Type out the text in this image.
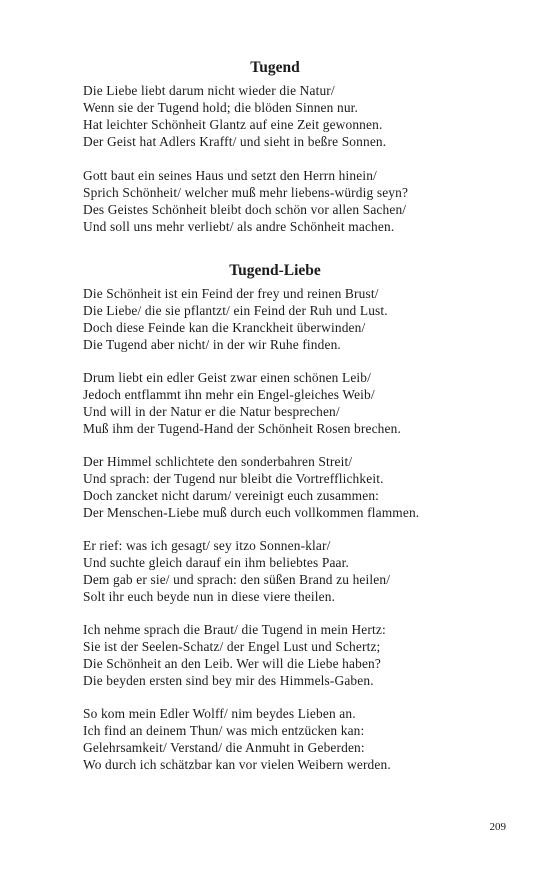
Tugend
Die Liebe liebt darum nicht wieder die Natur/
Wenn sie der Tugend hold; die blöden Sinnen nur.
Hat leichter Schönheit Glantz auf eine Zeit gewonnen.
Der Geist hat Adlers Krafft/ und sieht in beßre Sonnen.
Gott baut ein seines Haus und setzt den Herrn hinein/
Sprich Schönheit/ welcher muß mehr liebens-würdig seyn?
Des Geistes Schönheit bleibt doch schön vor allen Sachen/
Und soll uns mehr verliebt/ als andre Schönheit machen.
Tugend-Liebe
Die Schönheit ist ein Feind der frey und reinen Brust/
Die Liebe/ die sie pflantzt/ ein Feind der Ruh und Lust.
Doch diese Feinde kan die Kranckheit überwinden/
Die Tugend aber nicht/ in der wir Ruhe finden.
Drum liebt ein edler Geist zwar einen schönen Leib/
Jedoch entflammt ihn mehr ein Engel-gleiches Weib/
Und will in der Natur er die Natur besprechen/
Muß ihm der Tugend-Hand der Schönheit Rosen brechen.
Der Himmel schlichtete den sonderbahren Streit/
Und sprach: der Tugend nur bleibt die Vortrefflichkeit.
Doch zancket nicht darum/ vereinigt euch zusammen:
Der Menschen-Liebe muß durch euch vollkommen flammen.
Er rief: was ich gesagt/ sey itzo Sonnen-klar/
Und suchte gleich darauf ein ihm beliebtes Paar.
Dem gab er sie/ und sprach: den süßen Brand zu heilen/
Solt ihr euch beyde nun in diese viere theilen.
Ich nehme sprach die Braut/ die Tugend in mein Hertz:
Sie ist der Seelen-Schatz/ der Engel Lust und Schertz;
Die Schönheit an den Leib. Wer will die Liebe haben?
Die beyden ersten sind bey mir des Himmels-Gaben.
So kom mein Edler Wolff/ nim beydes Lieben an.
Ich find an deinem Thun/ was mich entzücken kan:
Gelehrsamkeit/ Verstand/ die Anmuht in Geberden:
Wo durch ich schätzbar kan vor vielen Weibern werden.
209
